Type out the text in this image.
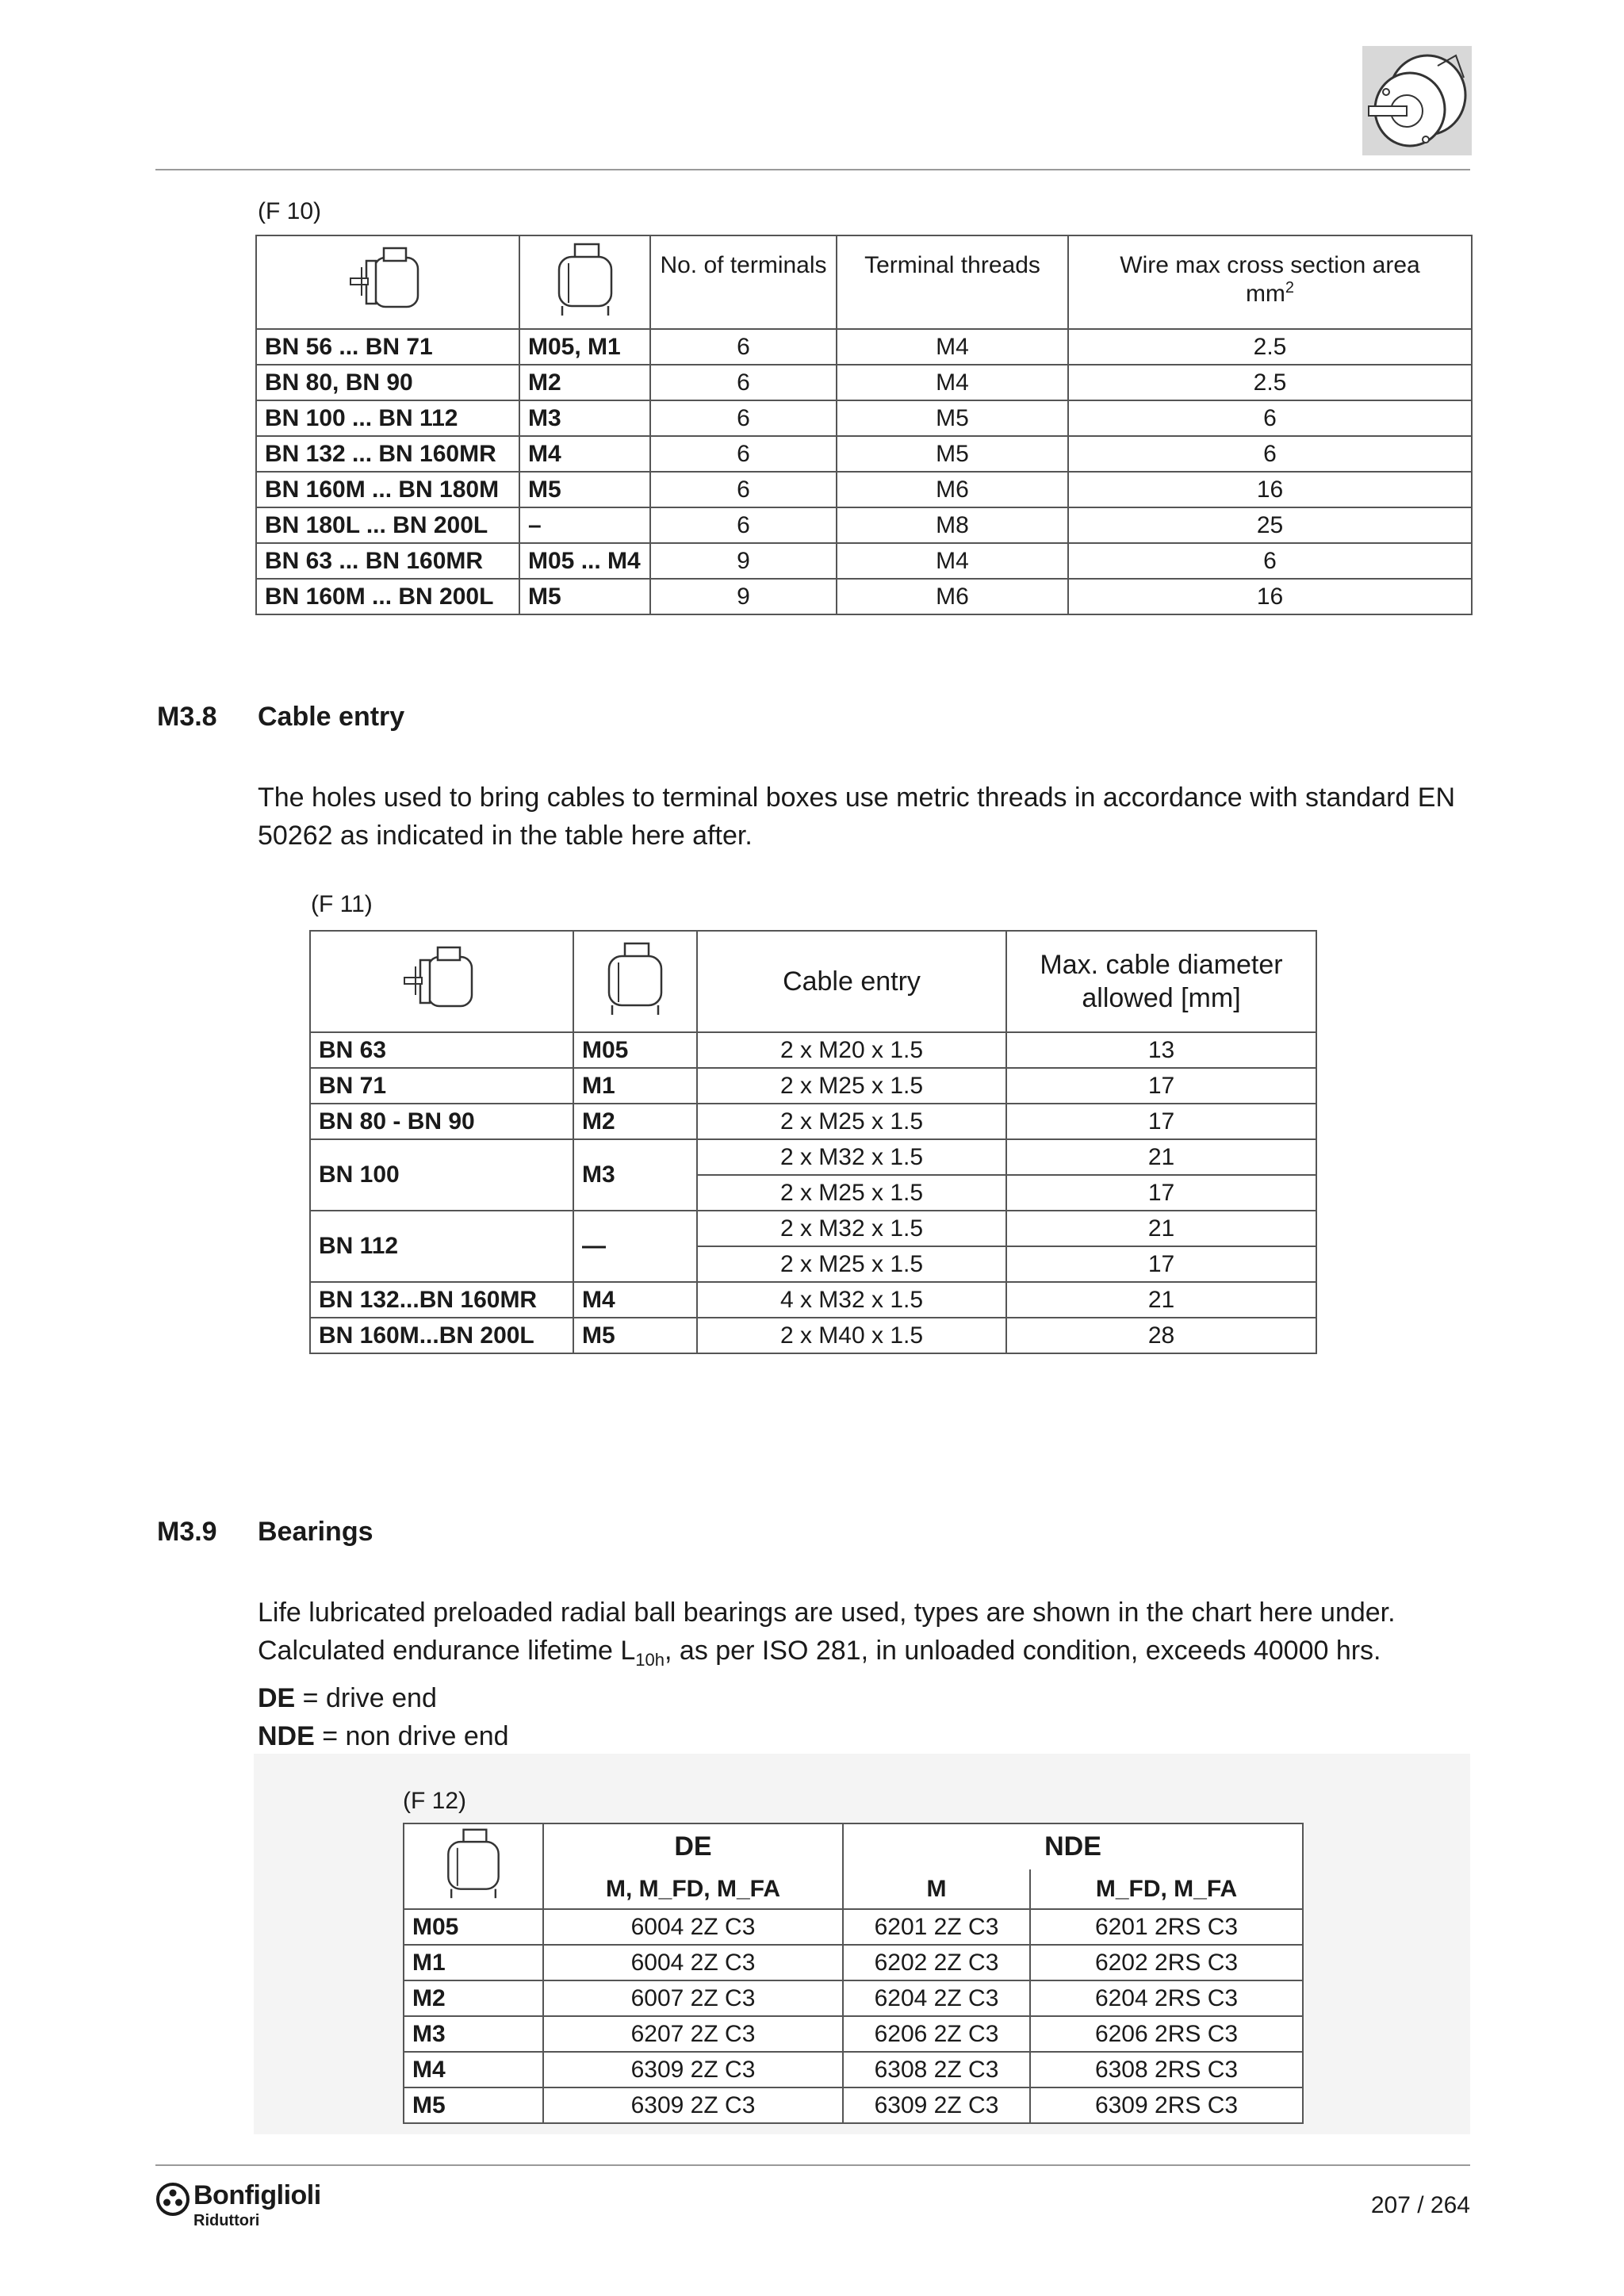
(F 10)
		No. of terminals	Terminal threads	Wire max cross section area
$mm^2$

BN 56 ... BN 71	M05, M1	6	M4	2.5
BN 80, BN 90	M2	6	M4	2.5
BN 100 ... BN 112	M3	6	M5	6
BN 132 ... BN 160MR	M4	6	M5	6
BN 160M ... BN 180M	M5	6	M6	16
BN 180L ... BN 200L	–	6	M8	25
BN 63 ... BN 160MR	M05 ... M4	9	M4	6
BN 160M ... BN 200L	M5	9	M6	16
M3.8 Cable entry

The holes used to bring cables to terminal boxes use metric threads in accordance with standard EN

50262 as indicated in the table here after.

(F 11)
		Cable entry	Max. cable diameter
allowed [mm]

BN 63	M05	2 x M20 x 1.5	13
BN 71	M1	2 x M25 x 1.5	17
BN 80 - BN 90	M2	2 x M25 x 1.5	17
BN 100	M3	2 x M32 x 1.5	21
		2 x M25 x 1.5	17
BN 112	—	2 x M32 x 1.5	21
		2 x M25 x 1.5	17
BN 132...BN 160MR	M4	4 x M32 x 1.5	21
BN 160M...BN 200L	M5	2 x M40 x 1.5	28
M3.9 Bearings

Life lubricated preloaded radial ball bearings are used, types are shown in the chart here under.

Calculated endurance lifetime $L_{10h}$, as per ISO 281, in unloaded condition, exceeds 40000 hrs.

DE = drive end

NDE = non drive end

(F 12)
	DE	NDE	
	M, M_FD, M_FA	M	M_FD, M_FA
M05	6004 2Z C3	6201 2Z C3	6201 2RS C3
M1	6004 2Z C3	6202 2Z C3	6202 2RS C3
M2	6007 2Z C3	6204 2Z C3	6204 2RS C3
M3	6207 2Z C3	6206 2Z C3	6206 2RS C3
M4	6309 2Z C3	6308 2Z C3	6308 2RS C3
M5	6309 2Z C3	6309 2Z C3	6309 2RS C3
Bonfiglioli
Riduttori
207 / 264
